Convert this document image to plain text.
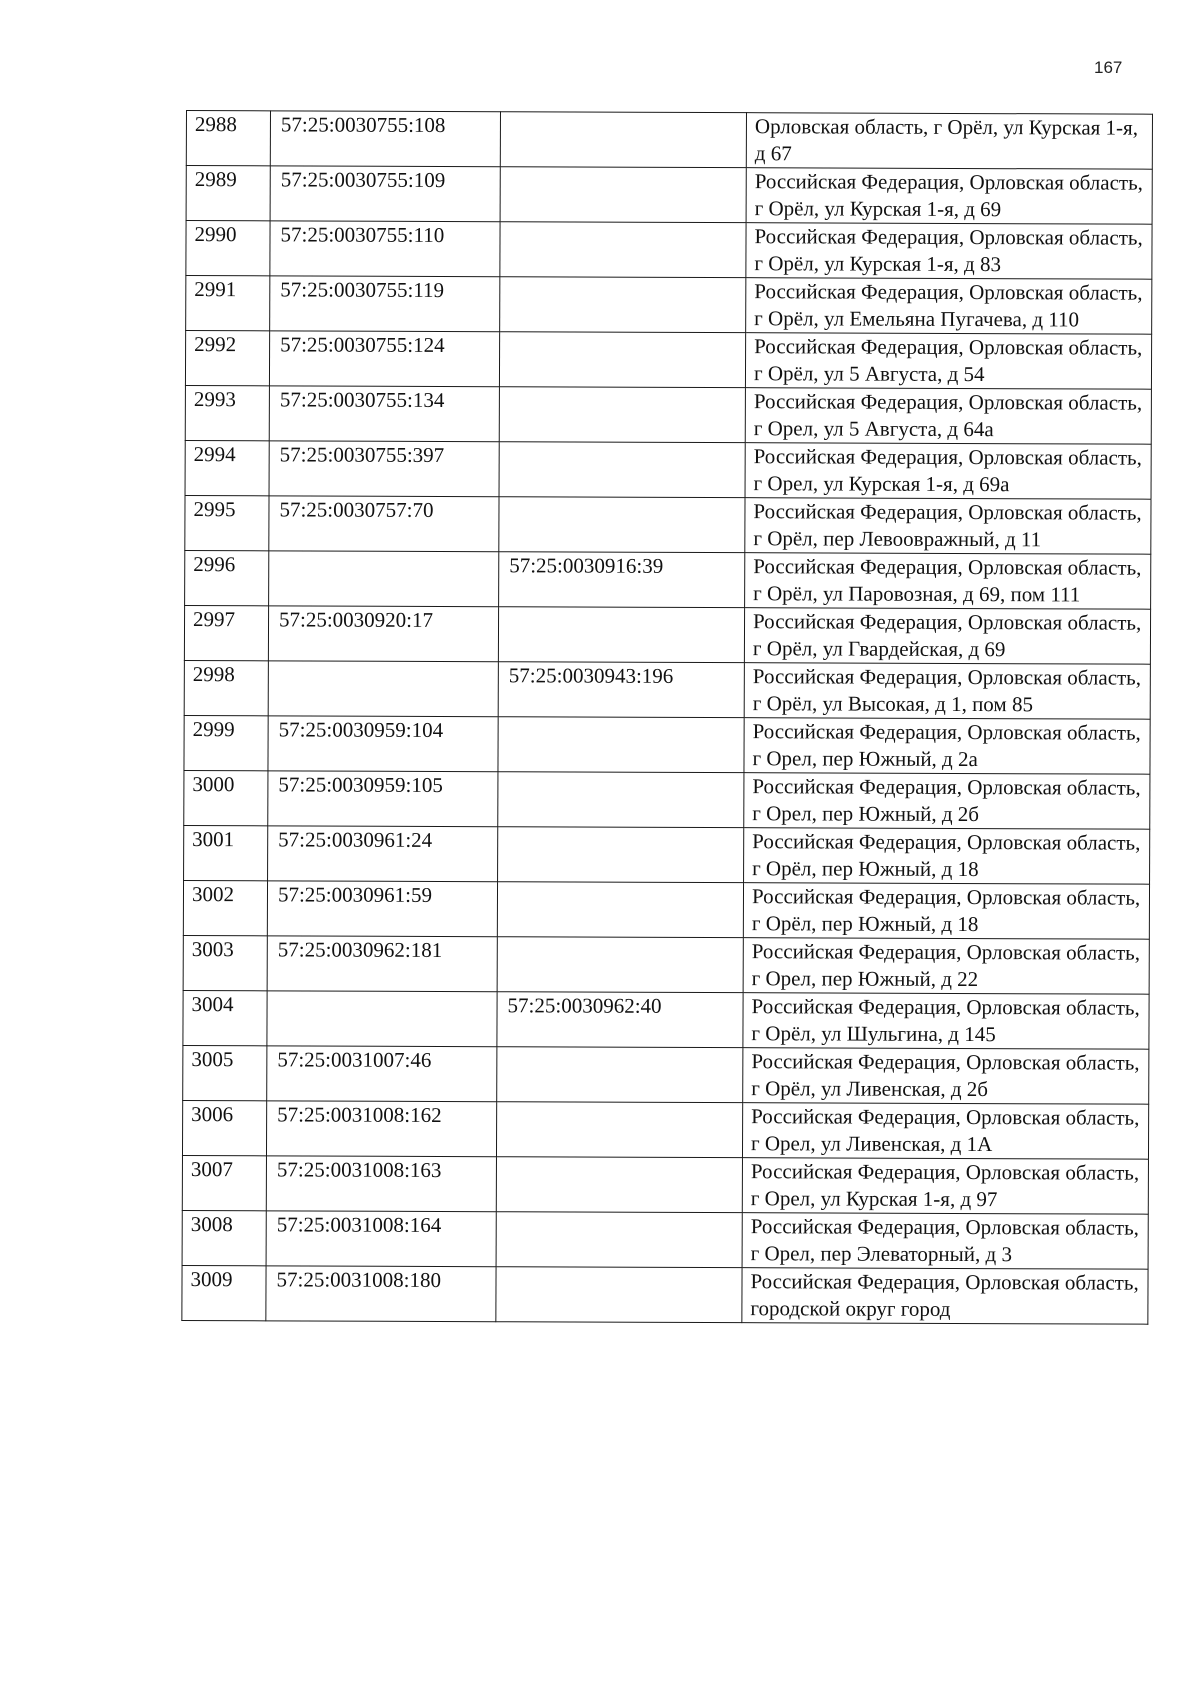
167
2988	57:25:0030755:108		Орловская область, г Орёл, ул Курская 1-я, д 67
2989	57:25:0030755:109		Российская Федерация, Орловская область, г Орёл, ул Курская 1-я, д 69
2990	57:25:0030755:110		Российская Федерация, Орловская область, г Орёл, ул Курская 1-я, д 83
2991	57:25:0030755:119		Российская Федерация, Орловская область, г Орёл, ул Емельяна Пугачева, д 110
2992	57:25:0030755:124		Российская Федерация, Орловская область, г Орёл, ул 5 Августа, д 54
2993	57:25:0030755:134		Российская Федерация, Орловская область, г Орел, ул 5 Августа, д 64а
2994	57:25:0030755:397		Российская Федерация, Орловская область, г Орел, ул Курская 1-я, д 69а
2995	57:25:0030757:70		Российская Федерация, Орловская область, г Орёл, пер Левоовражный, д 11
2996		57:25:0030916:39	Российская Федерация, Орловская область, г Орёл, ул Паровозная, д 69, пом 111
2997	57:25:0030920:17		Российская Федерация, Орловская область, г Орёл, ул Гвардейская, д 69
2998		57:25:0030943:196	Российская Федерация, Орловская область, г Орёл, ул Высокая, д 1, пом 85
2999	57:25:0030959:104		Российская Федерация, Орловская область, г Орел, пер Южный, д 2а
3000	57:25:0030959:105		Российская Федерация, Орловская область, г Орел, пер Южный, д 2б
3001	57:25:0030961:24		Российская Федерация, Орловская область, г Орёл, пер Южный, д 18
3002	57:25:0030961:59		Российская Федерация, Орловская область, г Орёл, пер Южный, д 18
3003	57:25:0030962:181		Российская Федерация, Орловская область, г Орел, пер Южный, д 22
3004		57:25:0030962:40	Российская Федерация, Орловская область, г Орёл, ул Шульгина, д 145
3005	57:25:0031007:46		Российская Федерация, Орловская область, г Орёл, ул Ливенская, д 2б
3006	57:25:0031008:162		Российская Федерация, Орловская область, г Орел, ул Ливенская, д 1А
3007	57:25:0031008:163		Российская Федерация, Орловская область, г Орел, ул Курская 1-я, д 97
3008	57:25:0031008:164		Российская Федерация, Орловская область, г Орел, пер Элеваторный, д 3
3009	57:25:0031008:180		Российская Федерация, Орловская область, городской округ город
